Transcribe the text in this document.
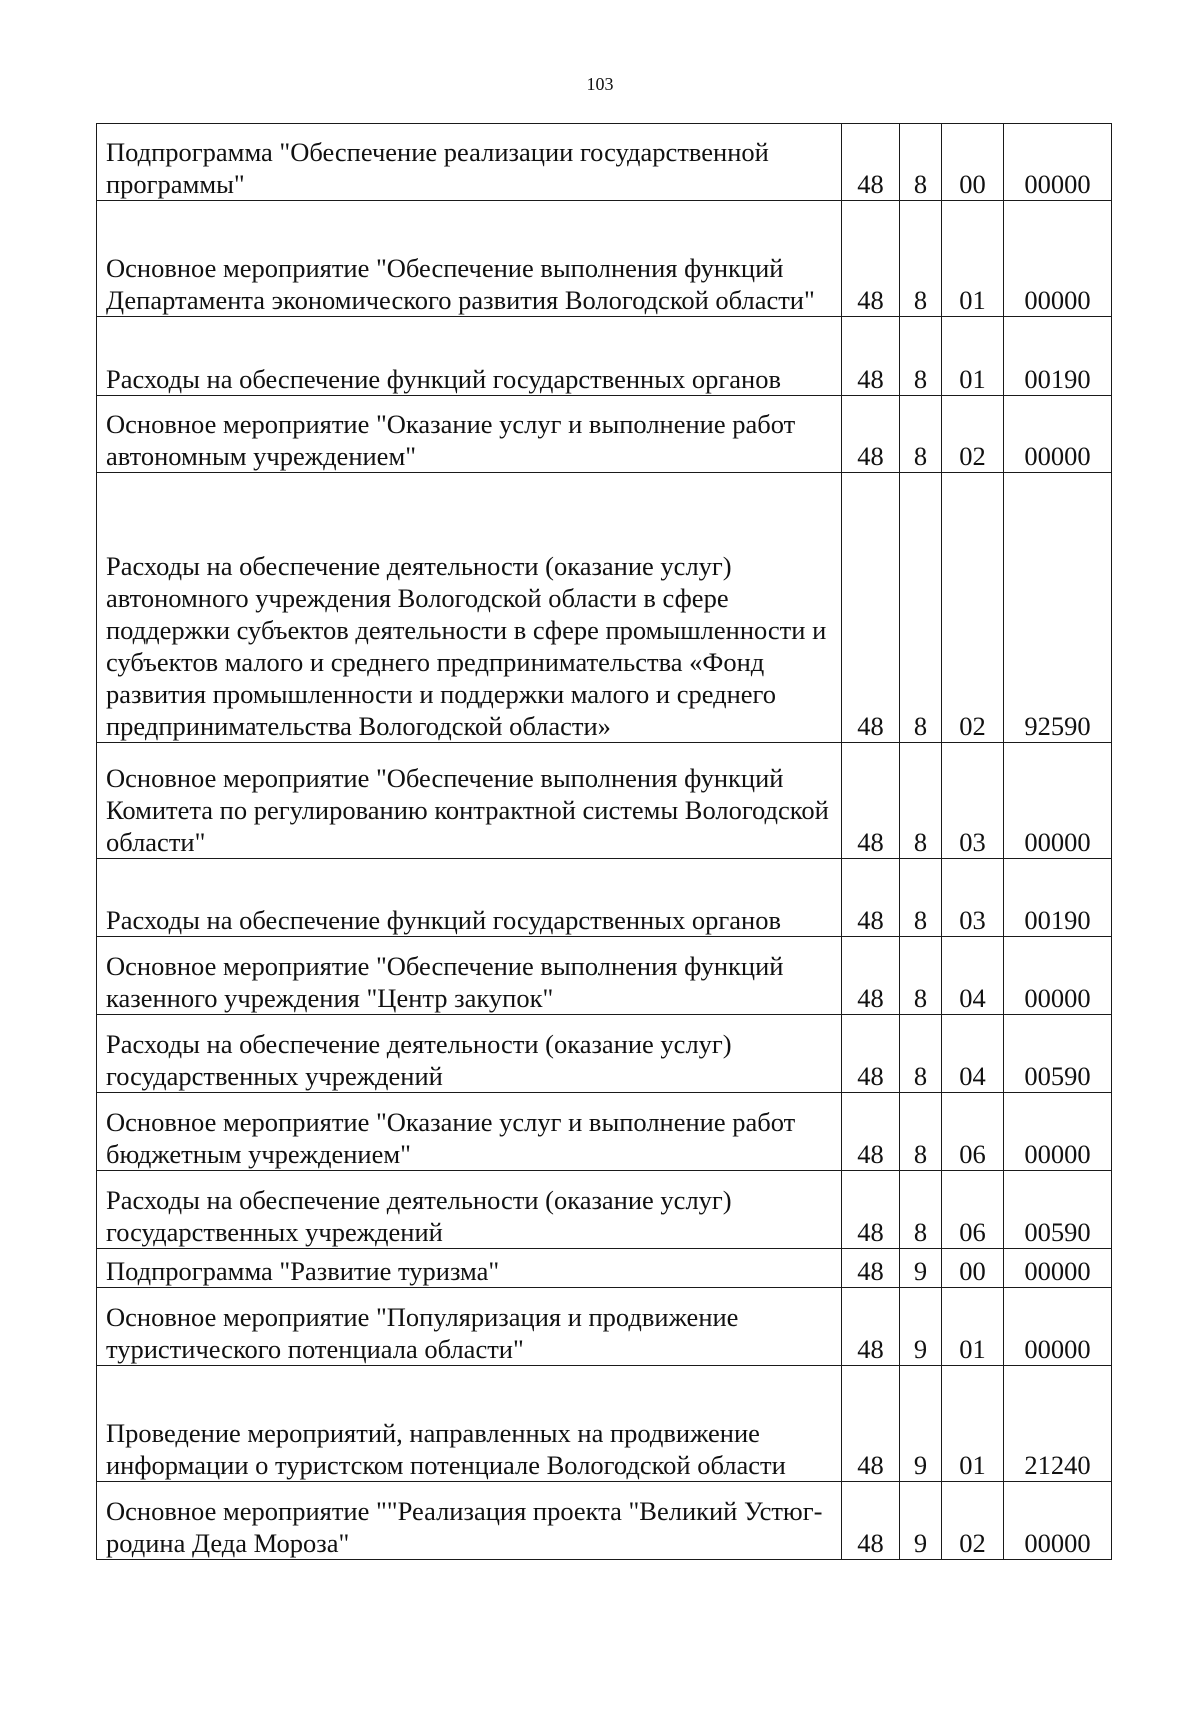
103
Подпрограмма "Обеспечение реализации государственной программы"	48	8	00	00000
Основное мероприятие "Обеспечение выполнения функций Департамента экономического развития Вологодской области"	48	8	01	00000
Расходы на обеспечение функций государственных органов	48	8	01	00190
Основное мероприятие "Оказание услуг и выполнение работ автономным учреждением"	48	8	02	00000
Расходы на обеспечение деятельности (оказание услуг) автономного учреждения Вологодской области в сфере поддержки субъектов деятельности в сфере промышленности и субъектов малого и среднего предпринимательства «Фонд развития промышленности и поддержки малого и среднего предпринимательства Вологодской области»	48	8	02	92590
Основное мероприятие "Обеспечение выполнения функций Комитета по регулированию контрактной системы Вологодской области"	48	8	03	00000
Расходы на обеспечение функций государственных органов	48	8	03	00190
Основное мероприятие "Обеспечение выполнения функций казенного учреждения "Центр закупок"	48	8	04	00000
Расходы на обеспечение деятельности (оказание услуг) государственных учреждений	48	8	04	00590
Основное мероприятие "Оказание услуг и выполнение работ бюджетным учреждением"	48	8	06	00000
Расходы на обеспечение деятельности (оказание услуг) государственных учреждений	48	8	06	00590
Подпрограмма "Развитие туризма"	48	9	00	00000
Основное мероприятие "Популяризация и продвижение туристического потенциала области"	48	9	01	00000
Проведение мероприятий, направленных на продвижение информации о туристском потенциале Вологодской области	48	9	01	21240
Основное мероприятие ""Реализация проекта "Великий Устюг-родина Деда Мороза"	48	9	02	00000
